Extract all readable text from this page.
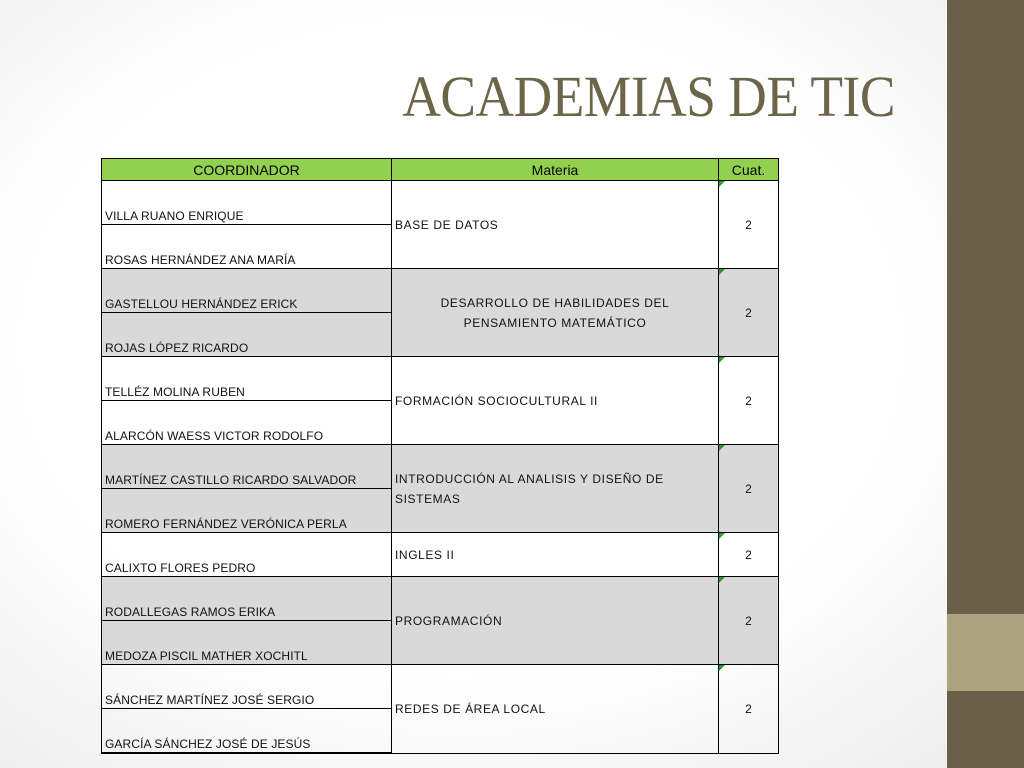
ACADEMIAS DE TIC
COORDINADOR	Materia	Cuat.
VILLA RUANO ENRIQUE	BASE DE DATOS	2
ROSAS HERNÁNDEZ ANA MARÍA		
GASTELLOU HERNÁNDEZ ERICK	DESARROLLO DE HABILIDADES DEL PENSAMIENTO MATEMÁTICO	2
ROJAS LÓPEZ RICARDO		
TELLÉZ MOLINA RUBEN	FORMACIÓN SOCIOCULTURAL II	2
ALARCÓN WAESS VICTOR RODOLFO		
MARTÍNEZ CASTILLO RICARDO SALVADOR	INTRODUCCIÓN AL ANALISIS Y DISEÑO DE SISTEMAS	2
ROMERO FERNÁNDEZ VERÓNICA PERLA		
CALIXTO FLORES PEDRO	INGLES II	2
RODALLEGAS RAMOS ERIKA	PROGRAMACIÓN	2
MEDOZA PISCIL MATHER XOCHITL		
SÁNCHEZ MARTÍNEZ JOSÉ SERGIO	REDES DE ÁREA LOCAL	2
GARCÍA SÁNCHEZ JOSÉ DE JESÚS		
